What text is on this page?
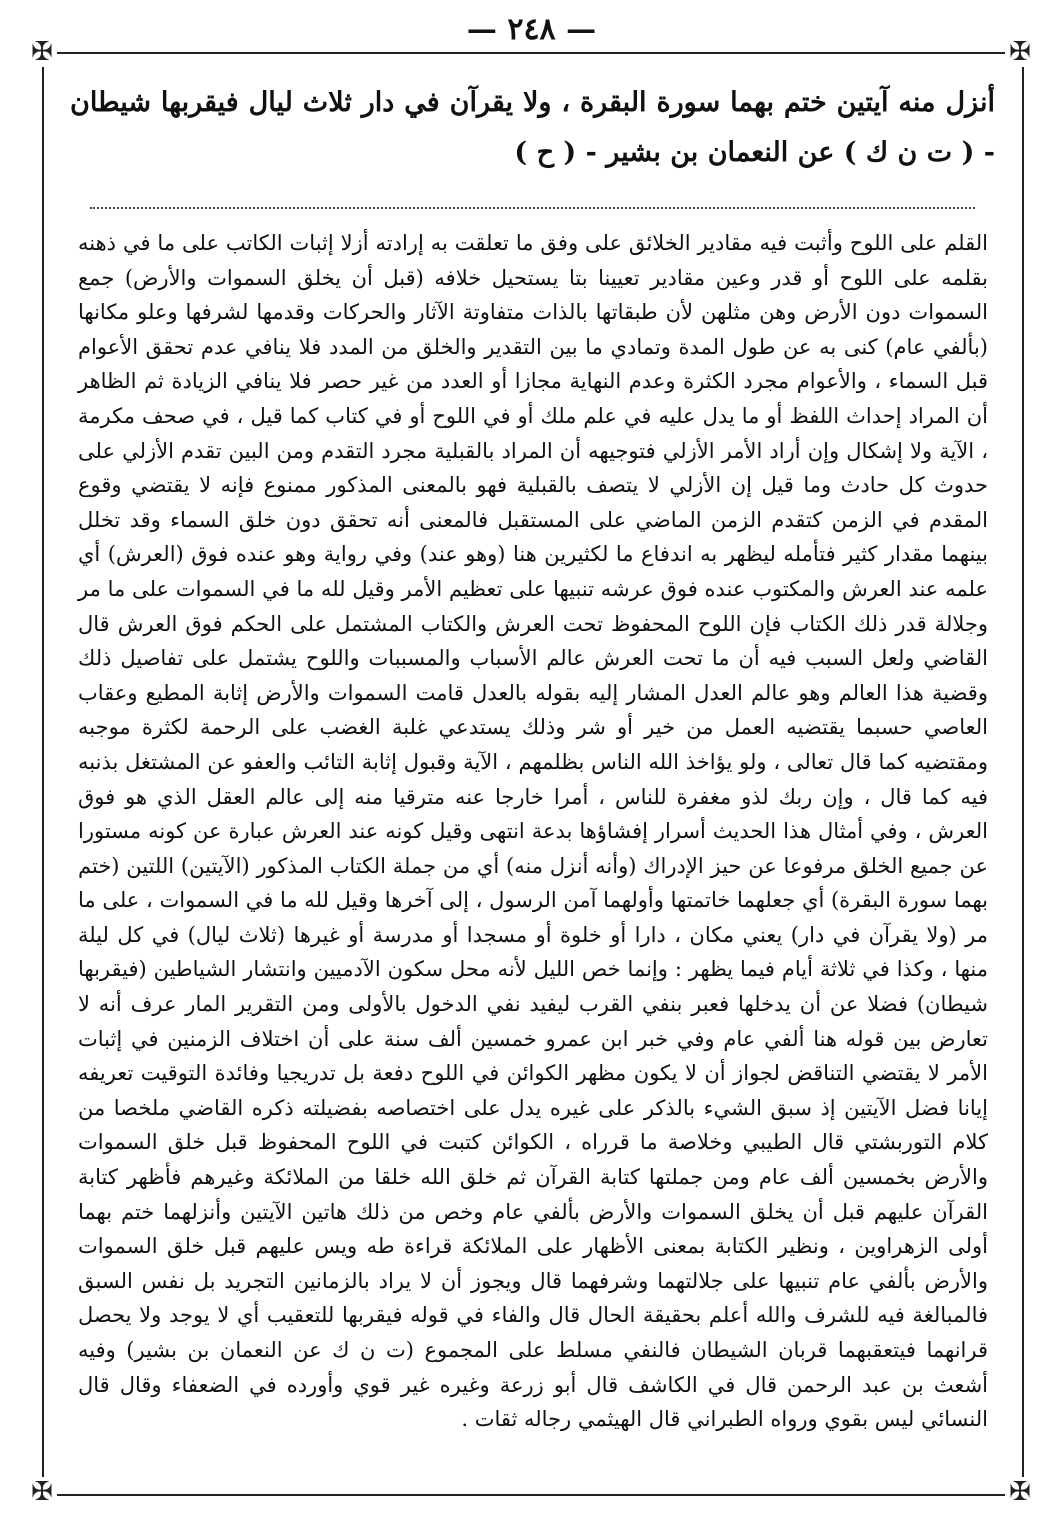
✠	✠
✠	✠
— ٢٤٨ —
أنزل منه آيتين ختم بهما سورة البقرة ، ولا يقرآن في دار ثلاث ليال فيقربها شيطان - ( ت ن ك ) عن النعمان بن بشير - ( ح )

القلم على اللوح وأثبت فيه مقادير الخلائق على وفق ما تعلقت به إرادته أزلا إثبات الكاتب على ما في ذهنه بقلمه على اللوح أو قدر وعين مقادير تعيينا بتا يستحيل خلافه (قبل أن يخلق السموات والأرض) جمع السموات دون الأرض وهن مثلهن لأن طبقاتها بالذات متفاوتة الآثار والحركات وقدمها لشرفها وعلو مكانها (بألفي عام) كنى به عن طول المدة وتمادي ما بين التقدير والخلق من المدد فلا ينافي عدم تحقق الأعوام قبل السماء ، والأعوام مجرد الكثرة وعدم النهاية مجازا أو العدد من غير حصر فلا ينافي الزيادة ثم الظاهر أن المراد إحداث اللفظ أو ما يدل عليه في علم ملك أو في اللوح أو في كتاب كما قيل ، في صحف مكرمة ، الآية ولا إشكال وإن أراد الأمر الأزلي فتوجيهه أن المراد بالقبلية مجرد التقدم ومن البين تقدم الأزلي على حدوث كل حادث وما قيل إن الأزلي لا يتصف بالقبلية فهو بالمعنى المذكور ممنوع فإنه لا يقتضي وقوع المقدم في الزمن كتقدم الزمن الماضي على المستقبل فالمعنى أنه تحقق دون خلق السماء وقد تخلل بينهما مقدار كثير فتأمله ليظهر به اندفاع ما لكثيرين هنا (وهو عند) وفي رواية وهو عنده فوق (العرش) أي علمه عند العرش والمكتوب عنده فوق عرشه تنبيها على تعظيم الأمر وقيل لله ما في السموات على ما مر وجلالة قدر ذلك الكتاب فإن اللوح المحفوظ تحت العرش والكتاب المشتمل على الحكم فوق العرش قال القاضي ولعل السبب فيه أن ما تحت العرش عالم الأسباب والمسببات واللوح يشتمل على تفاصيل ذلك وقضية هذا العالم وهو عالم العدل المشار إليه بقوله بالعدل قامت السموات والأرض إثابة المطيع وعقاب العاصي حسبما يقتضيه العمل من خير أو شر وذلك يستدعي غلبة الغضب على الرحمة لكثرة موجبه ومقتضيه كما قال تعالى ، ولو يؤاخذ الله الناس بظلمهم ، الآية وقبول إثابة التائب والعفو عن المشتغل بذنبه فيه كما قال ، وإن ربك لذو مغفرة للناس ، أمرا خارجا عنه مترقيا منه إلى عالم العقل الذي هو فوق العرش ، وفي أمثال هذا الحديث أسرار إفشاؤها بدعة انتهى وقيل كونه عند العرش عبارة عن كونه مستورا عن جميع الخلق مرفوعا عن حيز الإدراك (وأنه أنزل منه) أي من جملة الكتاب المذكور (الآيتين) اللتين (ختم بهما سورة البقرة) أي جعلهما خاتمتها وأولهما آمن الرسول ، إلى آخرها وقيل لله ما في السموات ، على ما مر (ولا يقرآن في دار) يعني مكان ، دارا أو خلوة أو مسجدا أو مدرسة أو غيرها (ثلاث ليال) في كل ليلة منها ، وكذا في ثلاثة أيام فيما يظهر : وإنما خص الليل لأنه محل سكون الآدميين وانتشار الشياطين (فيقربها شيطان) فضلا عن أن يدخلها فعبر بنفي القرب ليفيد نفي الدخول بالأولى ومن التقرير المار عرف أنه لا تعارض بين قوله هنا ألفي عام وفي خبر ابن عمرو خمسين ألف سنة على أن اختلاف الزمنين في إثبات الأمر لا يقتضي التناقض لجواز أن لا يكون مظهر الكوائن في اللوح دفعة بل تدريجيا وفائدة التوقيت تعريفه إيانا فضل الآيتين إذ سبق الشيء بالذكر على غيره يدل على اختصاصه بفضيلته ذكره القاضي ملخصا من كلام التوربشتي قال الطيبي وخلاصة ما قرراه ، الكوائن كتبت في اللوح المحفوظ قبل خلق السموات والأرض بخمسين ألف عام ومن جملتها كتابة القرآن ثم خلق الله خلقا من الملائكة وغيرهم فأظهر كتابة القرآن عليهم قبل أن يخلق السموات والأرض بألفي عام وخص من ذلك هاتين الآيتين وأنزلهما ختم بهما أولى الزهراوين ، ونظير الكتابة بمعنى الأظهار على الملائكة قراءة طه ويس عليهم قبل خلق السموات والأرض بألفي عام تنبيها على جلالتهما وشرفهما قال ويجوز أن لا يراد بالزمانين التجريد بل نفس السبق فالمبالغة فيه للشرف والله أعلم بحقيقة الحال قال والفاء في قوله فيقربها للتعقيب أي لا يوجد ولا يحصل قرانهما فيتعقبهما قربان الشيطان فالنفي مسلط على المجموع (ت ن ك عن النعمان بن بشير) وفيه أشعث بن عبد الرحمن قال في الكاشف قال أبو زرعة وغيره غير قوي وأورده في الضعفاء وقال قال النسائي ليس بقوي ورواه الطبراني قال الهيثمي رجاله ثقات .
